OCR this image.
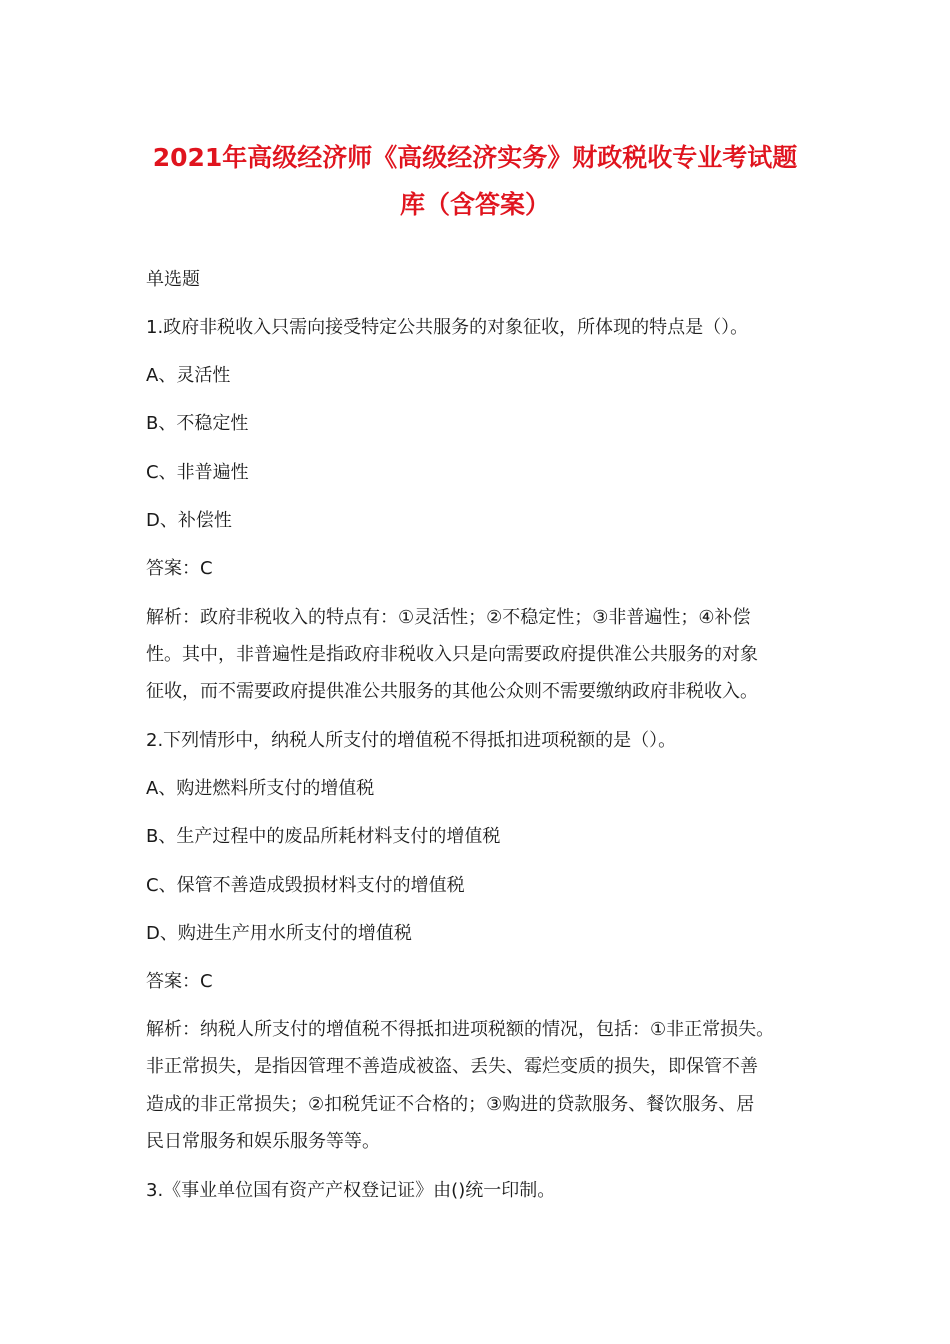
2021年高级经济师《高级经济实务》财政税收专业考试题
库（含答案）
单选题
1.政府非税收入只需向接受特定公共服务的对象征收，所体现的特点是（）。
A、灵活性
B、不稳定性
C、非普遍性
D、补偿性
答案：C
解析：政府非税收入的特点有：①灵活性；②不稳定性；③非普遍性；④补偿
性。其中，非普遍性是指政府非税收入只是向需要政府提供准公共服务的对象
征收，而不需要政府提供准公共服务的其他公众则不需要缴纳政府非税收入。
2.下列情形中，纳税人所支付的增值税不得抵扣进项税额的是（）。
A、购进燃料所支付的增值税
B、生产过程中的废品所耗材料支付的增值税
C、保管不善造成毁损材料支付的增值税
D、购进生产用水所支付的增值税
答案：C
解析：纳税人所支付的增值税不得抵扣进项税额的情况，包括：①非正常损失。
非正常损失，是指因管理不善造成被盗、丢失、霉烂变质的损失，即保管不善
造成的非正常损失；②扣税凭证不合格的；③购进的贷款服务、餐饮服务、居
民日常服务和娱乐服务等等。
3.《事业单位国有资产产权登记证》由()统一印制。
